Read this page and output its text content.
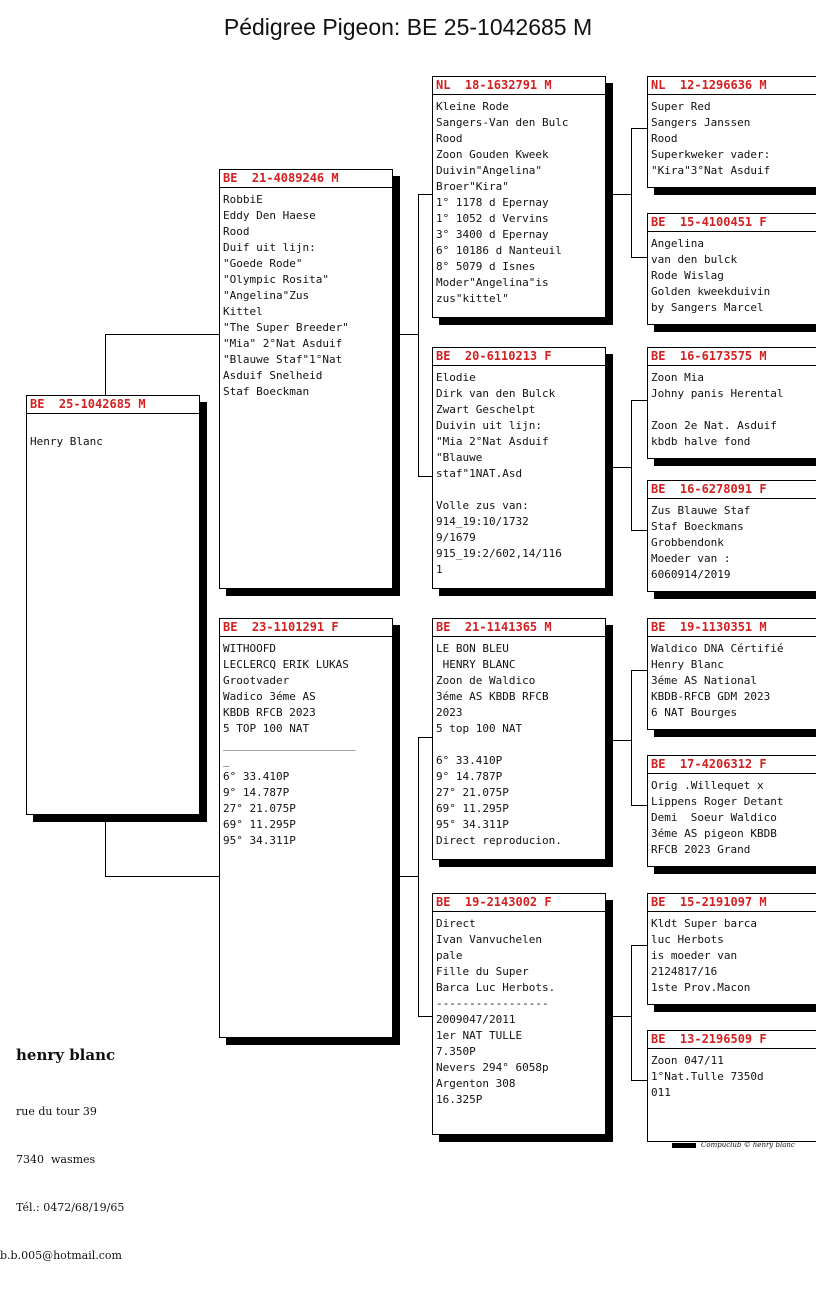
Pédigree Pigeon: BE 25-1042685 M
BE  25-1042685 M

Henry Blanc
BE  21-4089246 M
RobbiE
Eddy Den Haese
Rood
Duif uit lijn:
"Goede Rode"
"Olympic Rosita"
"Angelina"Zus
Kittel
"The Super Breeder"
"Mia" 2°Nat Asduif
"Blauwe Staf"1°Nat
Asduif Snelheid
Staf Boeckman
BE  23-1101291 F
WITHOOFD
LECLERCQ ERIK LUKAS
Grootvader
Wadico 3éme AS
KBDB RFCB 2023
5 TOP 100 NAT
____________________
_
6° 33.410P
9° 14.787P
27° 21.075P
69° 11.295P
95° 34.311P
NL  18-1632791 M
Kleine Rode
Sangers-Van den Bulc
Rood
Zoon Gouden Kweek
Duivin"Angelina"
Broer"Kira"
1° 1178 d Epernay
1° 1052 d Vervins
3° 3400 d Epernay
6° 10186 d Nanteuil
8° 5079 d Isnes
Moder"Angelina"is
zus"kittel"
BE  20-6110213 F
Elodie
Dirk van den Bulck
Zwart Geschelpt
Duivin uit lijn:
"Mia 2°Nat Asduif
"Blauwe
staf"1NAT.Asd

Volle zus van:
914_19:10/1732
9/1679
915_19:2/602,14/116
1
BE  21-1141365 M
LE BON BLEU
HENRY BLANC
Zoon de Waldico
3éme AS KBDB RFCB
2023
5 top 100 NAT

6° 33.410P
9° 14.787P
27° 21.075P
69° 11.295P
95° 34.311P
Direct reproducion.
BE  19-2143002 F
Direct
Ivan Vanvuchelen
pale
Fille du Super
Barca Luc Herbots.
-----------------
2009047/2011
1er NAT TULLE
7.350P
Nevers 294° 6058p
Argenton 308
16.325P
NL  12-1296636 M
Super Red
Sangers Janssen
Rood
Superkweker vader:
"Kira"3°Nat Asduif
BE  15-4100451 F
Angelina
van den bulck
Rode Wislag
Golden kweekduivin
by Sangers Marcel
BE  16-6173575 M
Zoon Mia
Johny panis Herental

Zoon 2e Nat. Asduif
kbdb halve fond
BE  16-6278091 F
Zus Blauwe Staf
Staf Boeckmans
Grobbendonk
Moeder van :
6060914/2019
BE  19-1130351 M
Waldico DNA Cértifié
Henry Blanc
3éme AS National
KBDB-RFCB GDM 2023
6 NAT Bourges
BE  17-4206312 F
Orig .Willequet x
Lippens Roger Detant
Demi  Soeur Waldico
3éme AS pigeon KBDB
RFCB 2023 Grand
BE  15-2191097 M
Kldt Super barca
luc Herbots
is moeder van
2124817/16
1ste Prov.Macon
BE  13-2196509 F
Zoon 047/11
1°Nat.Tulle 7350d
011
henry blanc

rue du tour 39

7340  wasmes

Tél.: 0472/68/19/65

b.b.005@hotmail.com

Compuclub © henry blanc
